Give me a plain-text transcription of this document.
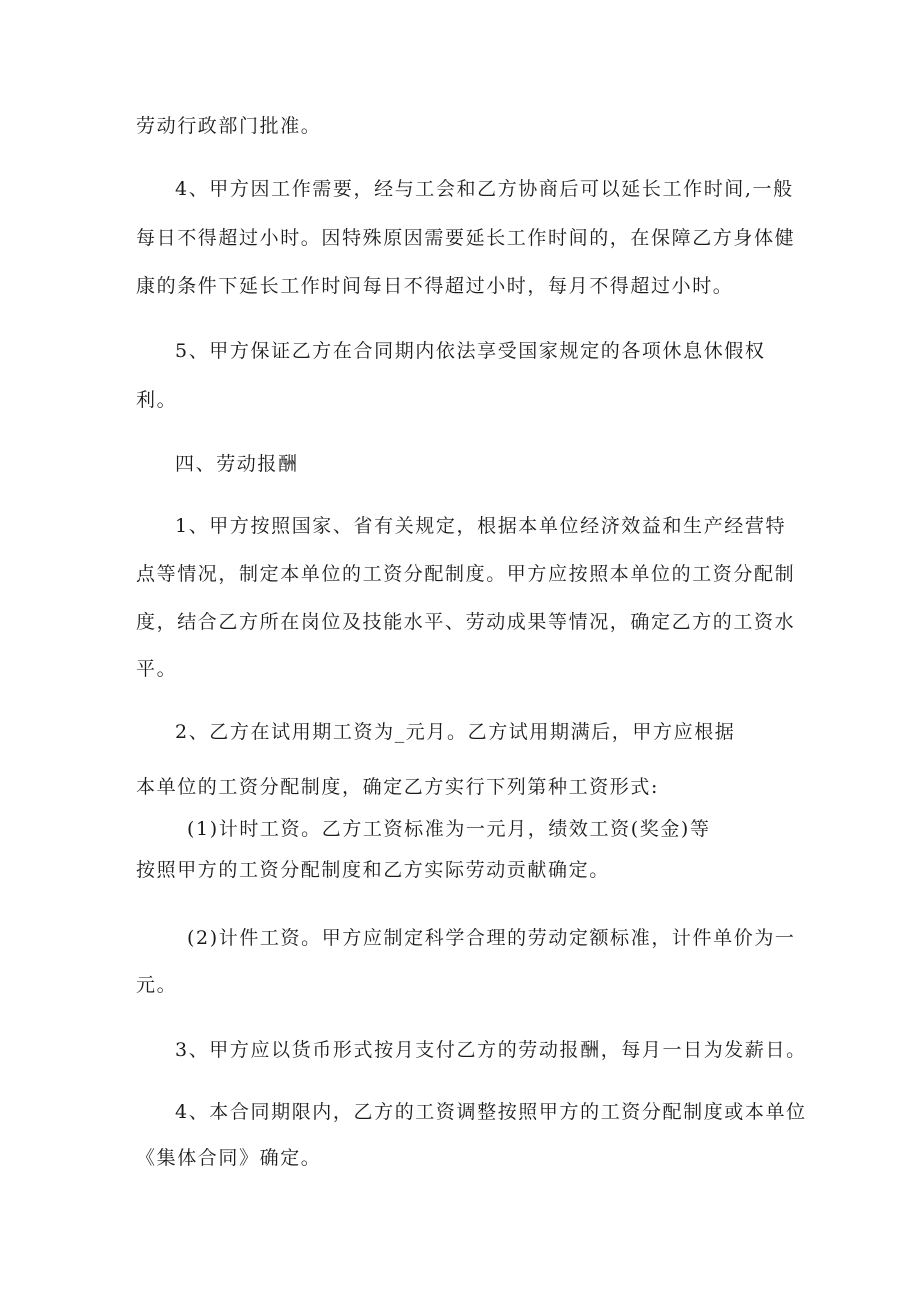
劳动行政部门批准。
4、甲方因工作需要，经与工会和乙方协商后可以延长工作时间,一般
每日不得超过小时。因特殊原因需要延长工作时间的，在保障乙方身体健
康的条件下延长工作时间每日不得超过小时，每月不得超过小时。
5、甲方保证乙方在合同期内依法享受国家规定的各项休息休假权
利。
四、劳动报酬
1、甲方按照国家、省有关规定，根据本单位经济效益和生产经营特
点等情况，制定本单位的工资分配制度。甲方应按照本单位的工资分配制
度，结合乙方所在岗位及技能水平、劳动成果等情况，确定乙方的工资水
平。
2、乙方在试用期工资为_元月。乙方试用期满后，甲方应根据
本单位的工资分配制度，确定乙方实行下列第种工资形式:
(1)计时工资。乙方工资标准为一元月，绩效工资(奖金)等
按照甲方的工资分配制度和乙方实际劳动贡献确定。
(2)计件工资。甲方应制定科学合理的劳动定额标准，计件单价为一
元。
3、甲方应以货币形式按月支付乙方的劳动报酬，每月一日为发薪日。
4、本合同期限内，乙方的工资调整按照甲方的工资分配制度或本单位
《集体合同》确定。
